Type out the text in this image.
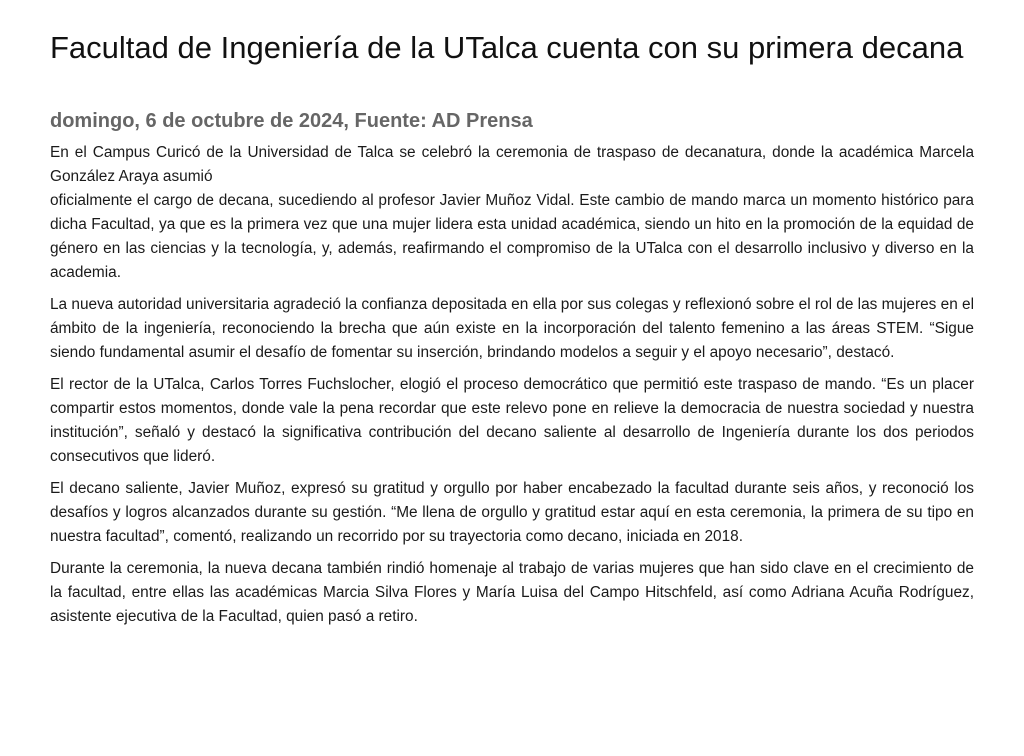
Facultad de Ingeniería de la UTalca cuenta con su primera decana
domingo, 6 de octubre de 2024, Fuente: AD Prensa

En el Campus Curicó de la Universidad de Talca se celebró la ceremonia de traspaso de decanatura, donde la académica Marcela González Araya asumió
oficialmente el cargo de decana, sucediendo al profesor Javier Muñoz Vidal. Este cambio de mando marca un momento histórico para dicha Facultad, ya que es la primera vez que una mujer lidera esta unidad académica, siendo un hito en la promoción de la equidad de género en las ciencias y la tecnología, y, además, reafirmando el compromiso de la UTalca con el desarrollo inclusivo y diverso en la academia.

La nueva autoridad universitaria agradeció la confianza depositada en ella por sus colegas y reflexionó sobre el rol de las mujeres en el ámbito de la ingeniería, reconociendo la brecha que aún existe en la incorporación del talento femenino a las áreas STEM. “Sigue siendo fundamental asumir el desafío de fomentar su inserción, brindando modelos a seguir y el apoyo necesario”, destacó.

El rector de la UTalca, Carlos Torres Fuchslocher, elogió el proceso democrático que permitió este traspaso de mando. “Es un placer compartir estos momentos, donde vale la pena recordar que este relevo pone en relieve la democracia de nuestra sociedad y nuestra institución”, señaló y destacó la significativa contribución del decano saliente al desarrollo de Ingeniería durante los dos periodos consecutivos que lideró.

El decano saliente, Javier Muñoz, expresó su gratitud y orgullo por haber encabezado la facultad durante seis años, y reconoció los desafíos y logros alcanzados durante su gestión. “Me llena de orgullo y gratitud estar aquí en esta ceremonia, la primera de su tipo en nuestra facultad”, comentó, realizando un recorrido por su trayectoria como decano, iniciada en 2018.

Durante la ceremonia, la nueva decana también rindió homenaje al trabajo de varias mujeres que han sido clave en el crecimiento de la facultad, entre ellas las académicas Marcia Silva Flores y María Luisa del Campo Hitschfeld, así como Adriana Acuña Rodríguez, asistente ejecutiva de la Facultad, quien pasó a retiro.
